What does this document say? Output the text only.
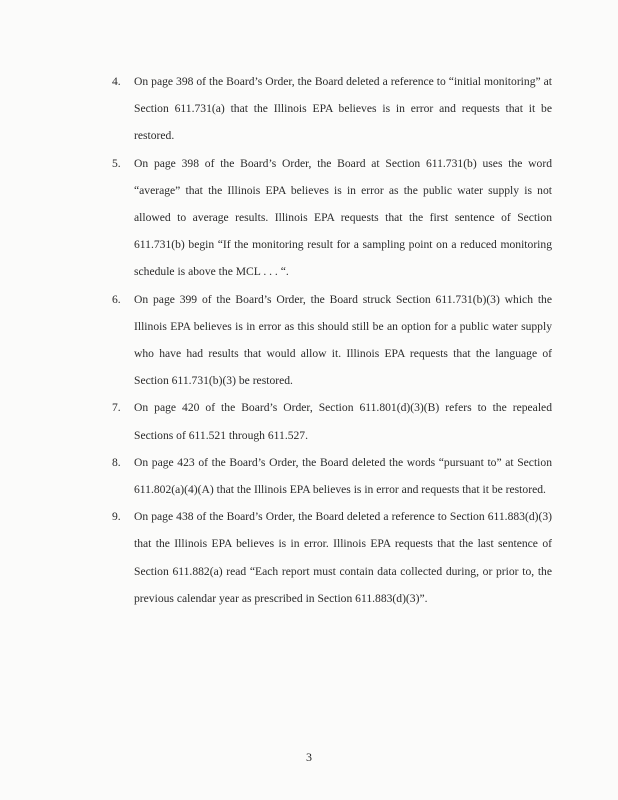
4.	On page 398 of the Board’s Order, the Board deleted a reference to “initial monitoring” at Section 611.731(a) that the Illinois EPA believes is in error and requests that it be restored.
5.	On page 398 of the Board’s Order, the Board at Section 611.731(b) uses the word “average” that the Illinois EPA believes is in error as the public water supply is not allowed to average results. Illinois EPA requests that the first sentence of Section 611.731(b) begin “If the monitoring result for a sampling point on a reduced monitoring schedule is above the MCL . . . “.
6.	On page 399 of the Board’s Order, the Board struck Section 611.731(b)(3) which the Illinois EPA believes is in error as this should still be an option for a public water supply who have had results that would allow it. Illinois EPA requests that the language of Section 611.731(b)(3) be restored.
7.	On page 420 of the Board’s Order, Section 611.801(d)(3)(B) refers to the repealed Sections of 611.521 through 611.527.
8.	On page 423 of the Board’s Order, the Board deleted the words “pursuant to” at Section 611.802(a)(4)(A) that the Illinois EPA believes is in error and requests that it be restored.
9.	On page 438 of the Board’s Order, the Board deleted a reference to Section 611.883(d)(3) that the Illinois EPA believes is in error. Illinois EPA requests that the last sentence of Section 611.882(a) read “Each report must contain data collected during, or prior to, the previous calendar year as prescribed in Section 611.883(d)(3)”.
3
